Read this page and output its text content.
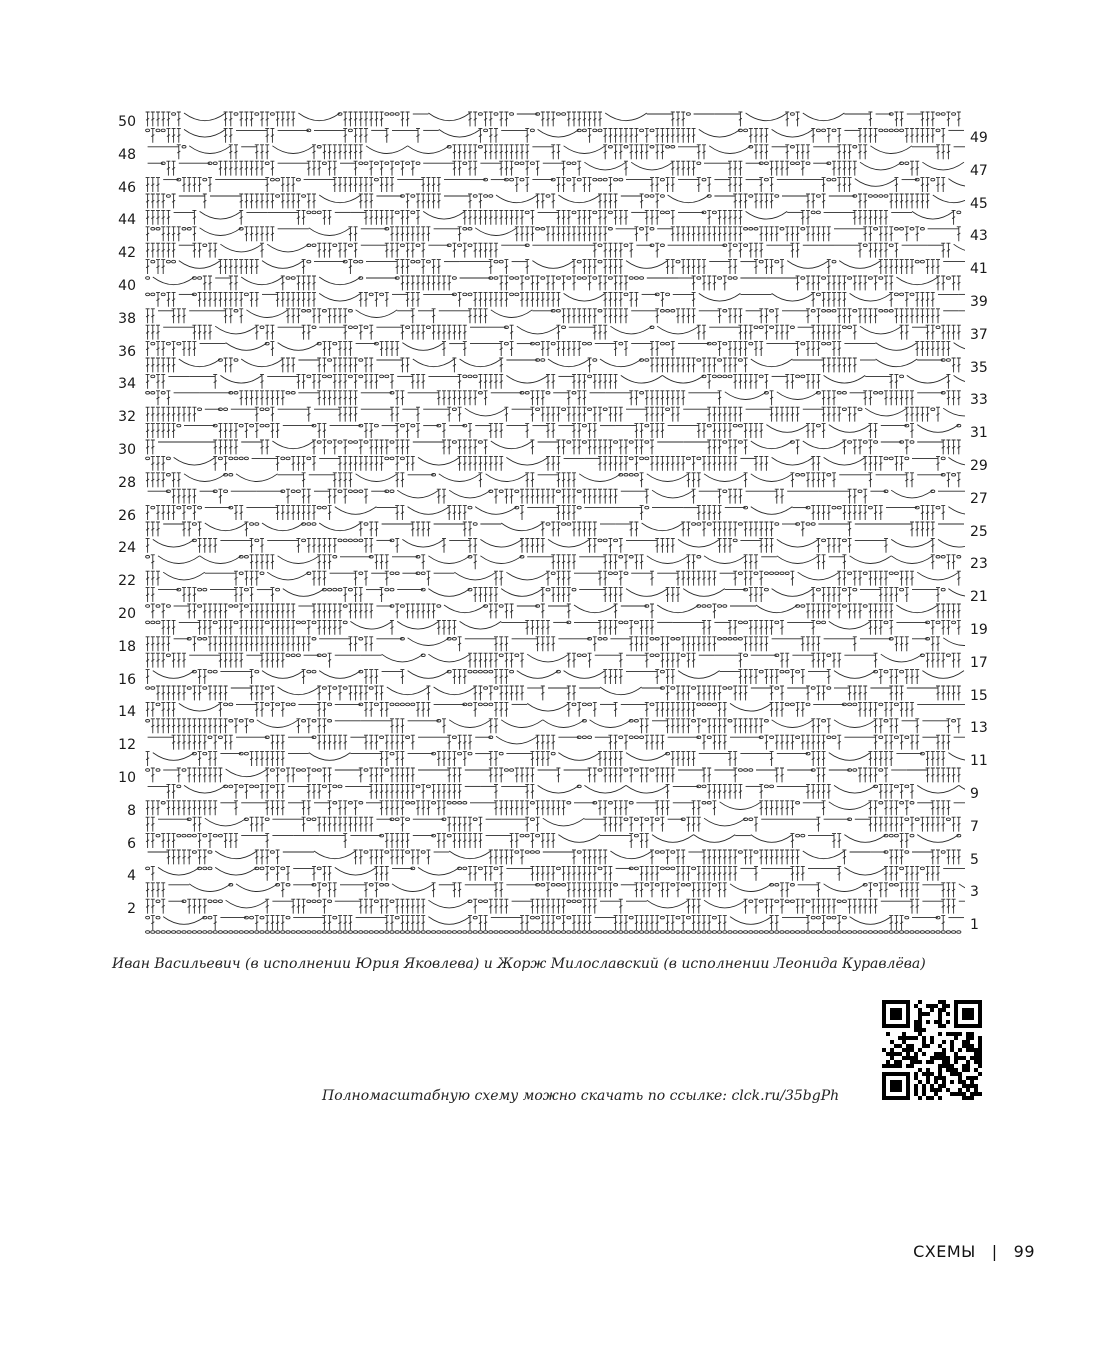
50
48
46
44
42
40
38
36
34
32
30
28
26
24
22
20
18
16
14
12
10
8
6
4
2
49
47
45
43
41
39
37
35
33
31
29
27
25
23
21
19
17
15
13
11
9
7
5
3
1
Иван Васильевич (в исполнении Юрия Яковлева) и Жорж Милославский (в исполнении Леонида Куравлёва)
Полномасштабную схему можно скачать по ссылке: clck.ru/35bgPh
СХЕМЫ | 99
